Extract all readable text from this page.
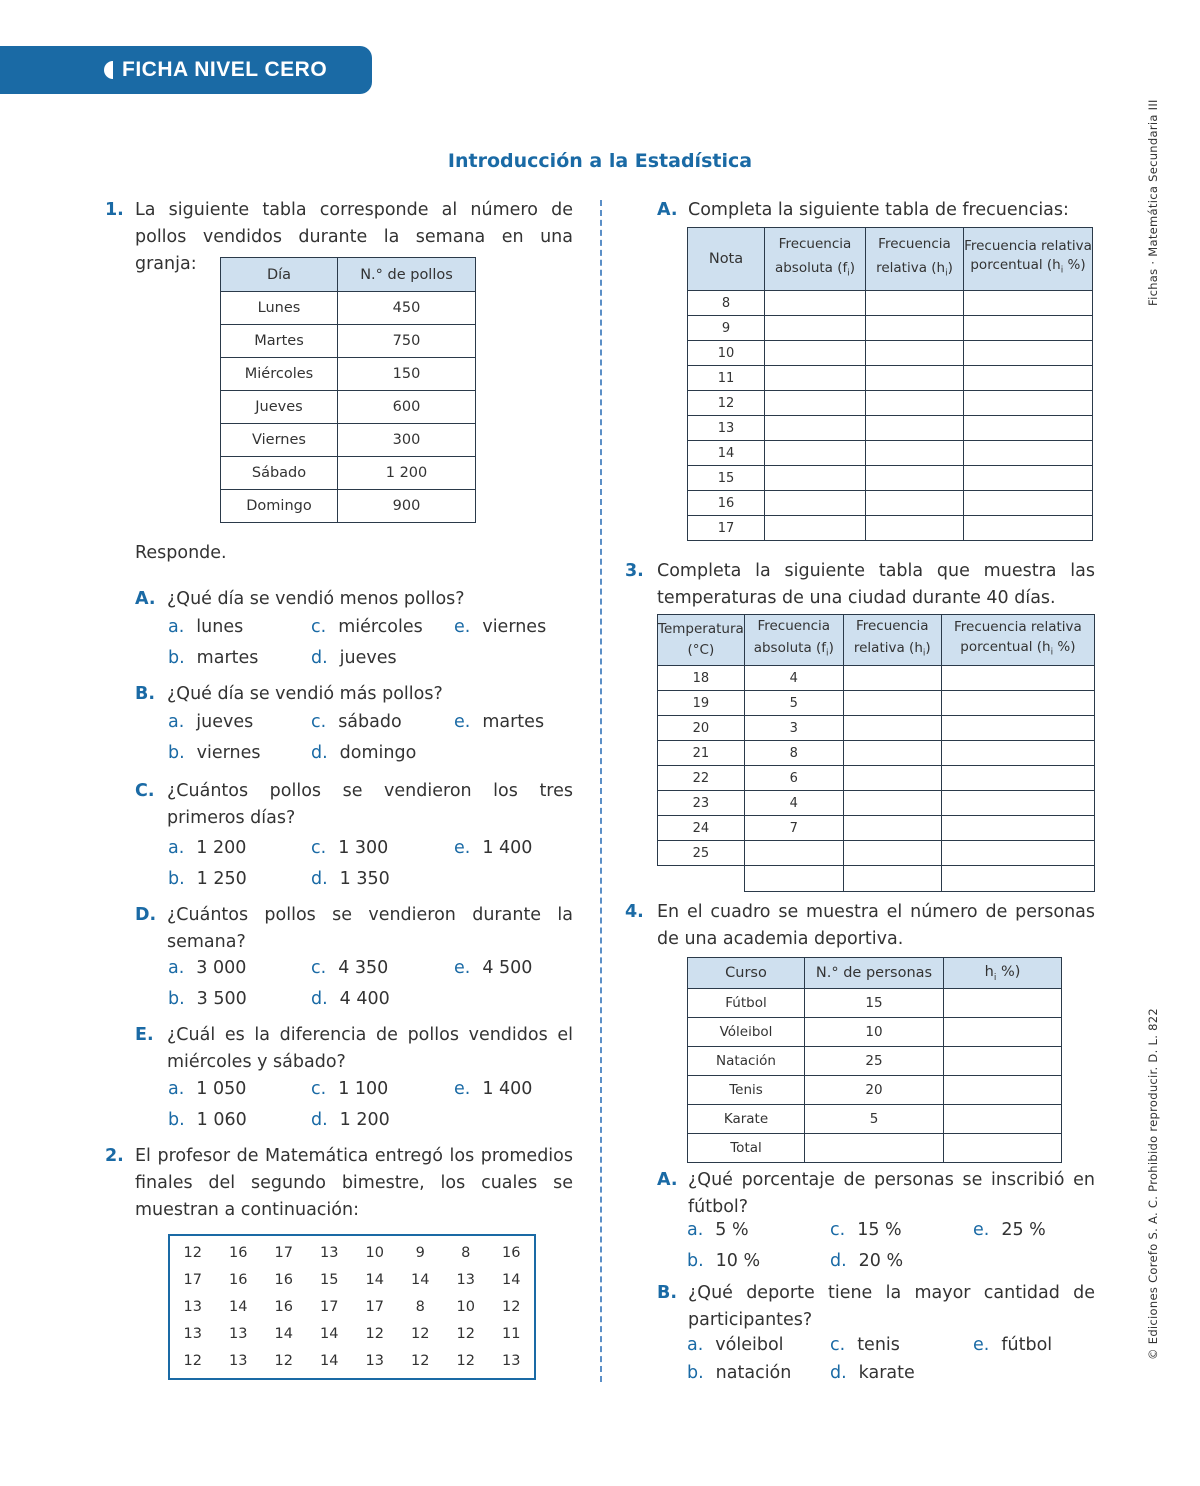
FICHA NIVEL CERO
Fichas · Matemática Secundaria III
© Ediciones Corefo S. A. C. Prohibido reproducir. D. L. 822
Introducción a la Estadística
1. La siguiente tabla corresponde al número de pollos vendidos durante la semana en una granja:
Día	N.° de pollos
Lunes	450
Martes	750
Miércoles	150
Jueves	600
Viernes	300
Sábado	1 200
Domingo	900
Responde.
A. ¿Qué día se vendió menos pollos?
a. lunes	c. miércoles e. viernes
b. martes	d. jueves
B. ¿Qué día se vendió más pollos?
a. jueves	c. sábado	e. martes
b. viernes	d. domingo
C. ¿Cuántos pollos se vendieron los tres primeros días?
a. 1 200	c. 1 300	e. 1 400
b. 1 250	d. 1 350
D. ¿Cuántos pollos se vendieron durante la semana?
a. 3 000	c. 4 350	e. 4 500
b. 3 500	d. 4 400
E. ¿Cuál es la diferencia de pollos vendidos el miércoles y sábado?
a. 1 050	c. 1 100	e. 1 400
b. 1 060	d. 1 200
2. El profesor de Matemática entregó los promedios finales del segundo bimestre, los cuales se muestran a continuación:
12	16	17	13	10	9	8	16
17	16	16	15	14	14	13	14
13	14	16	17	17	8	10	12
13	13	14	14	12	12	12	11
12	13	12	14	13	12	12	13
A. Completa la siguiente tabla de frecuencias:
Nota	Frecuencia absoluta $(f_i)$	Frecuencia relativa $(h_i)$	Frecuencia relativa porcentual ($h_i$ %)
8			
9			
10			
11			
12			
13			
14			
15			
16			
17			
3. Completa la siguiente tabla que muestra las temperaturas de una ciudad durante 40 días.
Temperatura (°C)	Frecuencia absoluta $(f_i)$	Frecuencia relativa $(h_i)$	Frecuencia relativa porcentual ($h_i$ %)
18	4		
19	5		
20	3		
21	8		
22	6		
23	4		
24	7		
25			

4. En el cuadro se muestra el número de personas de una academia deportiva.
Curso	N.° de personas	$h_i$ %)
Fútbol	15	
Vóleibol	10	
Natación	25	
Tenis	20	
Karate	5	
Total		
A. ¿Qué porcentaje de personas se inscribió en fútbol?
a. 5 %	c. 15 %	e. 25 %
b. 10 %	d. 20 %
B. ¿Qué deporte tiene la mayor cantidad de participantes?
a. vóleibol	c. tenis	e. fútbol
b. natación d. karate
